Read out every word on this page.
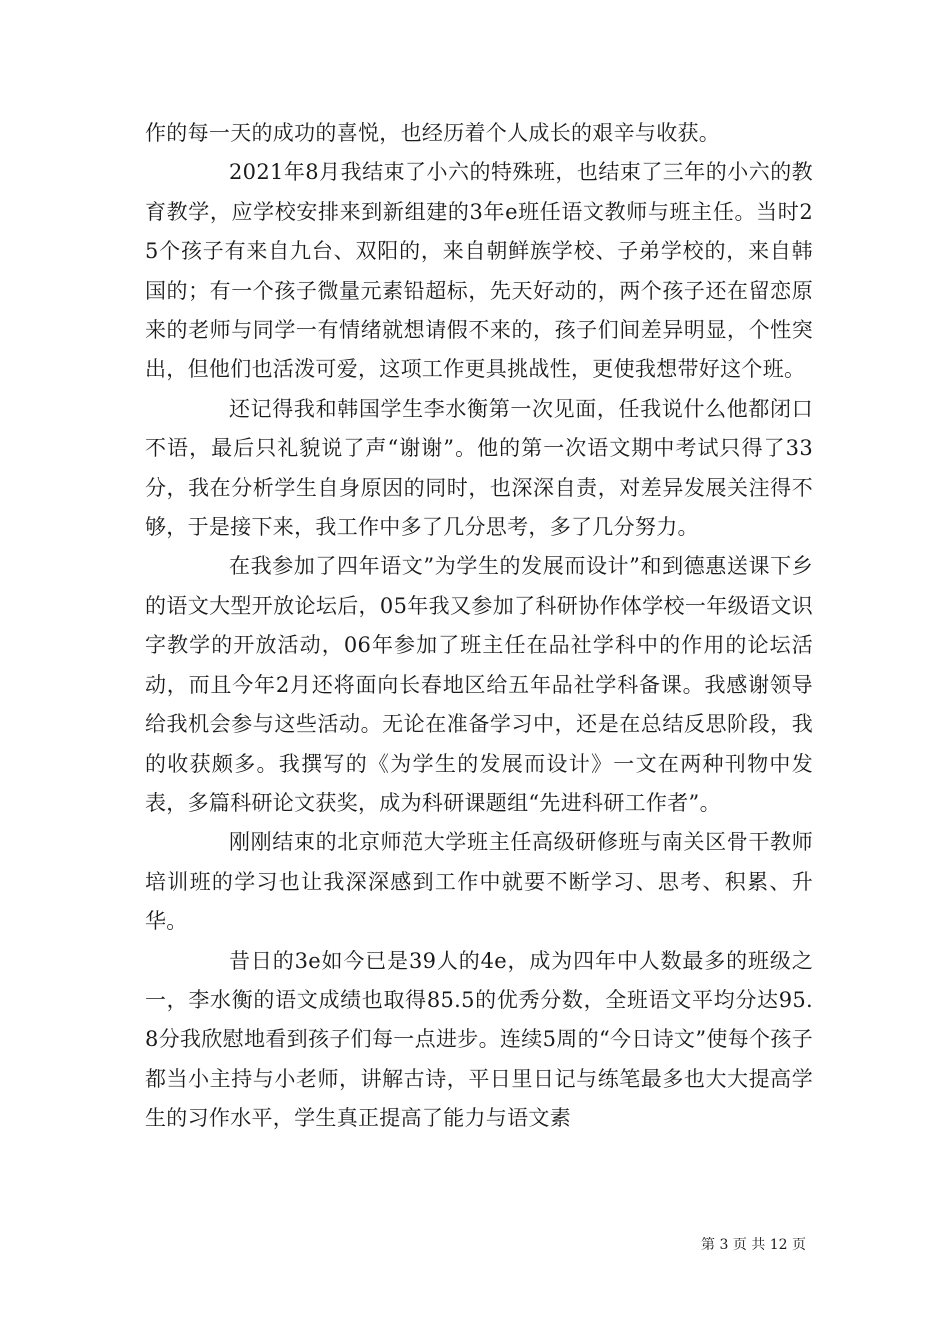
作的每一天的成功的喜悦，也经历着个人成长的艰辛与收获。

2021年8月我结束了小六的特殊班，也结束了三年的小六的教育教学，应学校安排来到新组建的3年e班任语文教师与班主任。当时25个孩子有来自九台、双阳的，来自朝鲜族学校、子弟学校的，来自韩国的；有一个孩子微量元素铅超标，先天好动的，两个孩子还在留恋原来的老师与同学一有情绪就想请假不来的，孩子们间差异明显，个性突出，但他们也活泼可爱，这项工作更具挑战性，更使我想带好这个班。

还记得我和韩国学生李水衡第一次见面，任我说什么他都闭口不语，最后只礼貌说了声“谢谢”。他的第一次语文期中考试只得了33分，我在分析学生自身原因的同时，也深深自责，对差异发展关注得不够，于是接下来，我工作中多了几分思考，多了几分努力。

在我参加了四年语文”为学生的发展而设计”和到德惠送课下乡的语文大型开放论坛后，05年我又参加了科研协作体学校一年级语文识字教学的开放活动，06年参加了班主任在品社学科中的作用的论坛活动，而且今年2月还将面向长春地区给五年品社学科备课。我感谢领导给我机会参与这些活动。无论在准备学习中，还是在总结反思阶段，我的收获颇多。我撰写的《为学生的发展而设计》一文在两种刊物中发表，多篇科研论文获奖，成为科研课题组“先进科研工作者”。

刚刚结束的北京师范大学班主任高级研修班与南关区骨干教师培训班的学习也让我深深感到工作中就要不断学习、思考、积累、升华。

昔日的3e如今已是39人的4e，成为四年中人数最多的班级之一，李水衡的语文成绩也取得85.5的优秀分数，全班语文平均分达95.8分我欣慰地看到孩子们每一点进步。连续5周的“今日诗文”使每个孩子都当小主持与小老师，讲解古诗，平日里日记与练笔最多也大大提高学生的习作水平，学生真正提高了能力与语文素

第 3 页 共 12 页
